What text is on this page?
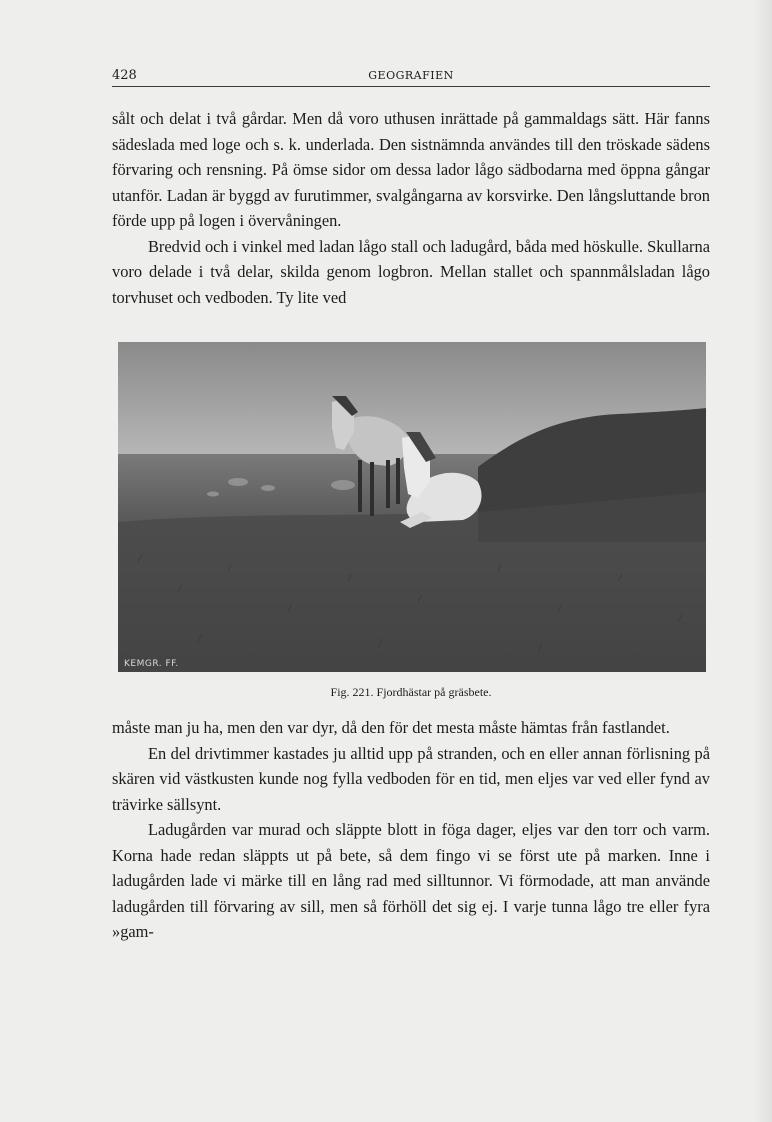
428	GEOGRAFIEN

sålt och delat i två gårdar. Men då voro uthusen inrättade på gammaldags sätt. Här fanns sädeslada med loge och s. k. underlada. Den sistnämnda användes till den tröskade sädens förvaring och rensning. På ömse sidor om dessa lador lågo sädbodarna med öppna gångar utanför. Ladan är byggd av furutimmer, svalgångarna av korsvirke. Den långsluttande bron förde upp på logen i övervåningen.

Bredvid och i vinkel med ladan lågo stall och ladugård, båda med höskulle. Skullarna voro delade i två delar, skilda genom logbron. Mellan stallet och spannmålsladan lågo torvhuset och vedboden. Ty lite ved

KEMGR. FF.
Fig. 221. Fjordhästar på gräsbete.

måste man ju ha, men den var dyr, då den för det mesta måste hämtas från fastlandet.

En del drivtimmer kastades ju alltid upp på stranden, och en eller annan förlisning på skären vid västkusten kunde nog fylla vedboden för en tid, men eljes var ved eller fynd av trävirke sällsynt.

Ladugården var murad och släppte blott in föga dager, eljes var den torr och varm. Korna hade redan släppts ut på bete, så dem fingo vi se först ute på marken. Inne i ladugården lade vi märke till en lång rad med silltunnor. Vi förmodade, att man använde ladugården till förvaring av sill, men så förhöll det sig ej. I varje tunna lågo tre eller fyra »gam-
